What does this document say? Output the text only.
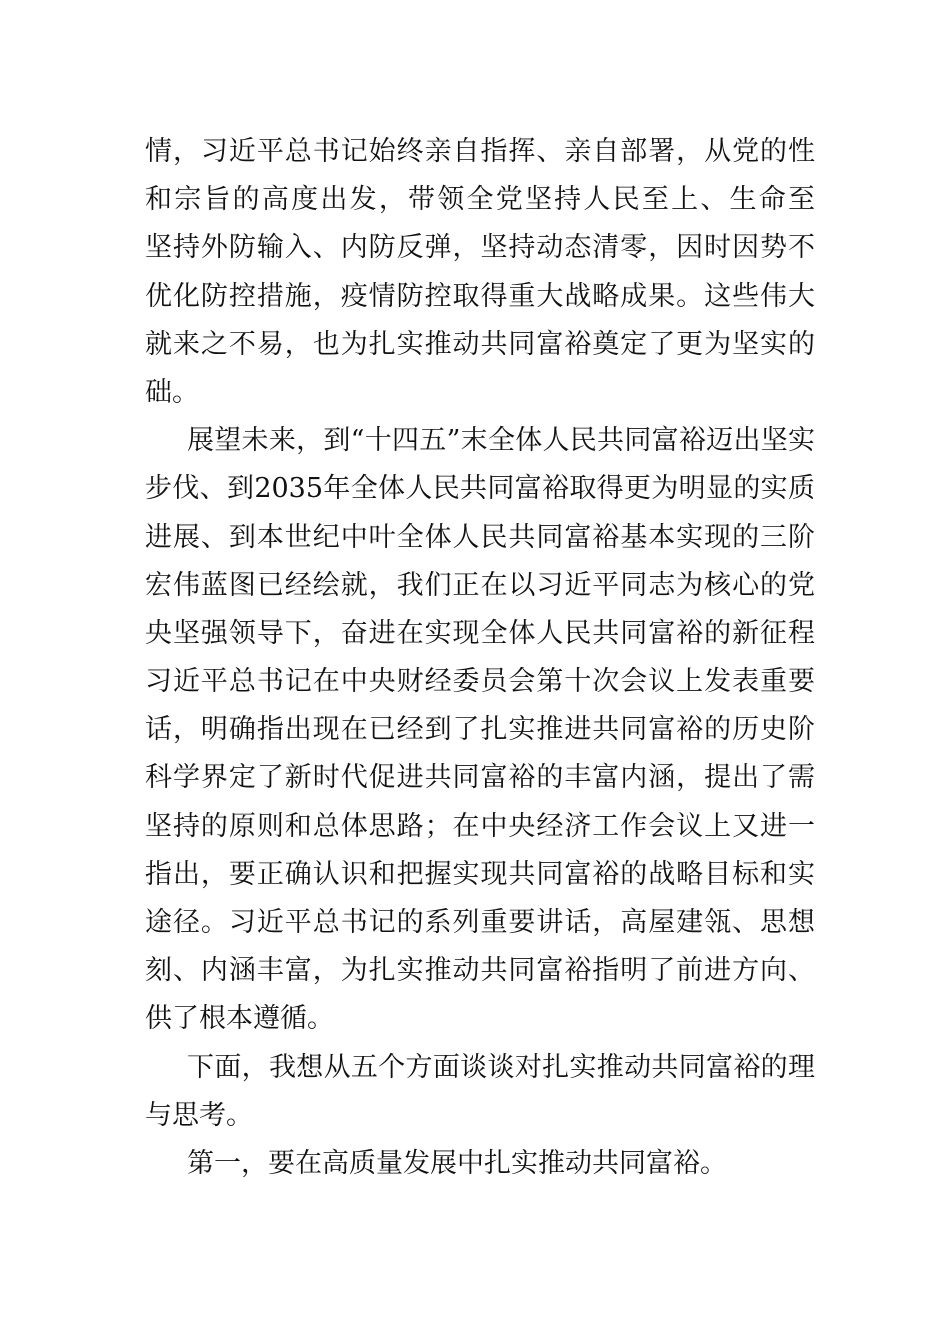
情，习近平总书记始终亲自指挥、亲自部署，从党的性
和宗旨的高度出发，带领全党坚持人民至上、生命至
坚持外防输入、内防反弹，坚持动态清零，因时因势不
优化防控措施，疫情防控取得重大战略成果。这些伟大
就来之不易，也为扎实推动共同富裕奠定了更为坚实的
础。
展望未来，到“十四五”末全体人民共同富裕迈出坚实
步伐、到2035年全体人民共同富裕取得更为明显的实质
进展、到本世纪中叶全体人民共同富裕基本实现的三阶
宏伟蓝图已经绘就，我们正在以习近平同志为核心的党
央坚强领导下，奋进在实现全体人民共同富裕的新征程
习近平总书记在中央财经委员会第十次会议上发表重要
话，明确指出现在已经到了扎实推进共同富裕的历史阶
科学界定了新时代促进共同富裕的丰富内涵，提出了需
坚持的原则和总体思路；在中央经济工作会议上又进一
指出，要正确认识和把握实现共同富裕的战略目标和实
途径。习近平总书记的系列重要讲话，高屋建瓴、思想
刻、内涵丰富，为扎实推动共同富裕指明了前进方向、
供了根本遵循。
下面，我想从五个方面谈谈对扎实推动共同富裕的理
与思考。
第一，要在高质量发展中扎实推动共同富裕。
